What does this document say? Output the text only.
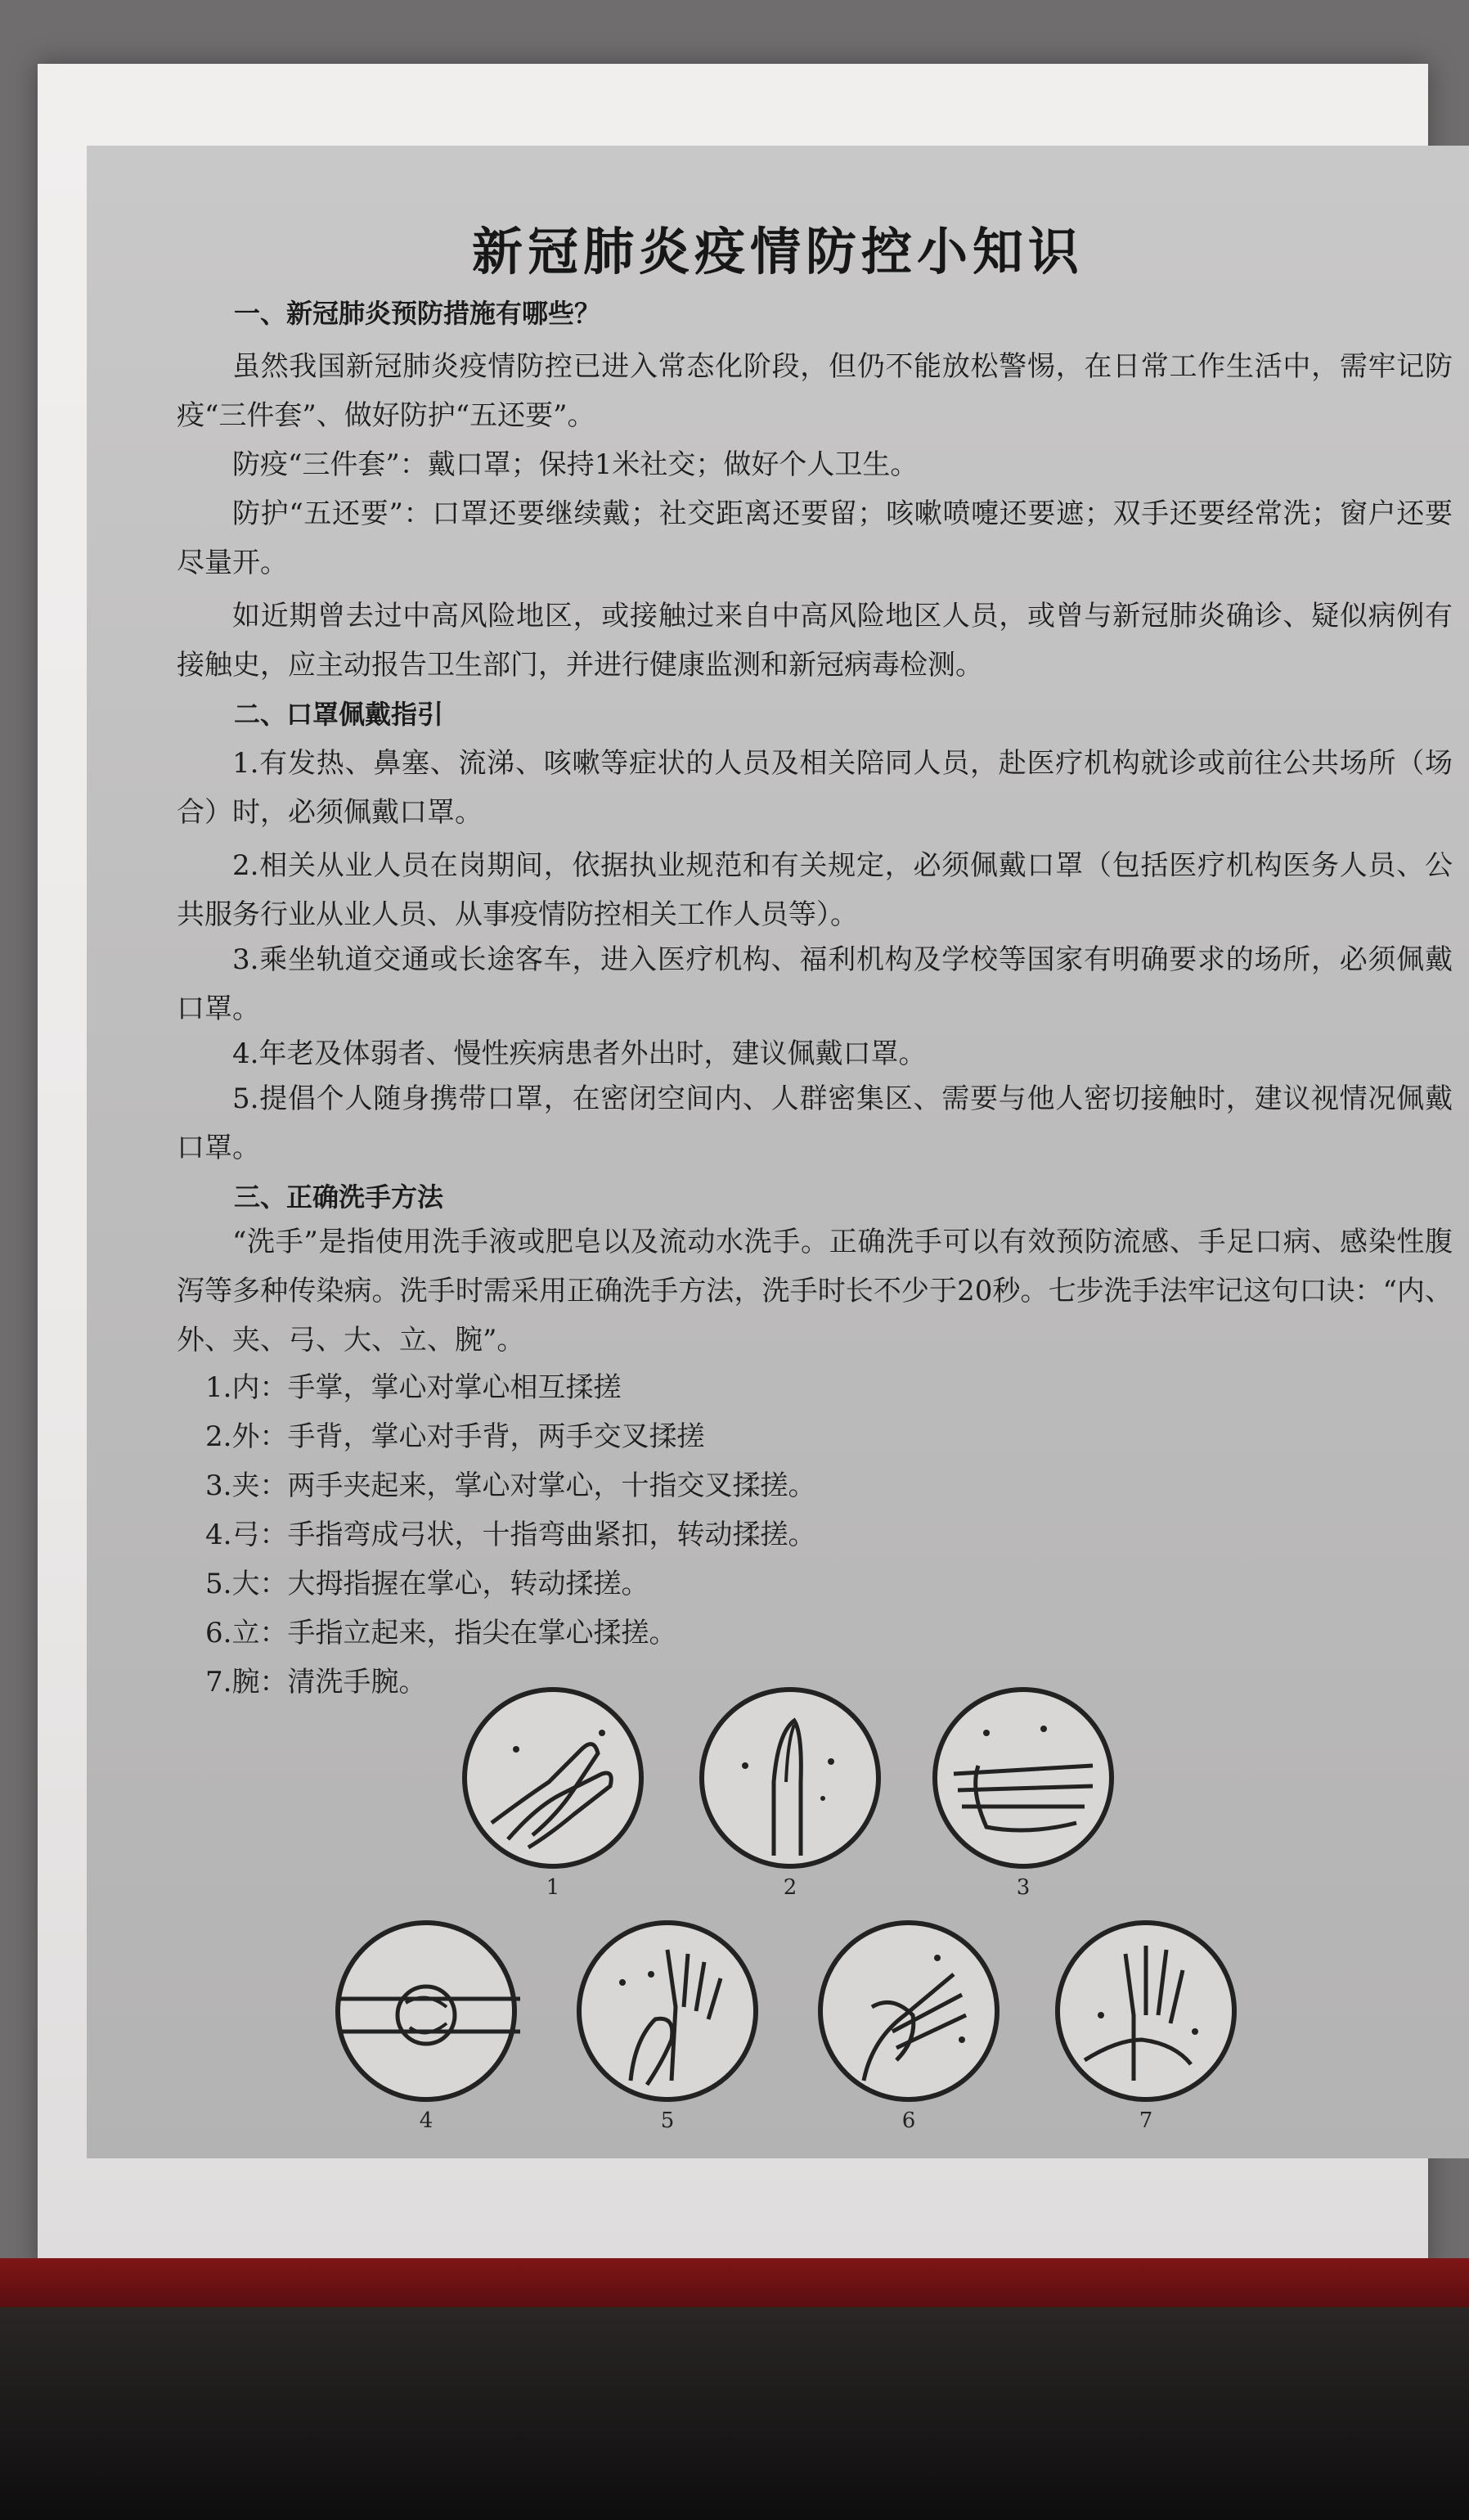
新冠肺炎疫情防控小知识
一、新冠肺炎预防措施有哪些？
虽然我国新冠肺炎疫情防控已进入常态化阶段，但仍不能放松警惕，在日常工作生活中，需牢记防疫“三件套”、做好防护“五还要”。
防疫“三件套”：戴口罩；保持1米社交；做好个人卫生。
防护“五还要”：口罩还要继续戴；社交距离还要留；咳嗽喷嚏还要遮；双手还要经常洗；窗户还要尽量开。
如近期曾去过中高风险地区，或接触过来自中高风险地区人员，或曾与新冠肺炎确诊、疑似病例有接触史，应主动报告卫生部门，并进行健康监测和新冠病毒检测。
二、口罩佩戴指引
1.有发热、鼻塞、流涕、咳嗽等症状的人员及相关陪同人员，赴医疗机构就诊或前往公共场所（场合）时，必须佩戴口罩。
2.相关从业人员在岗期间，依据执业规范和有关规定，必须佩戴口罩（包括医疗机构医务人员、公共服务行业从业人员、从事疫情防控相关工作人员等）。
3.乘坐轨道交通或长途客车，进入医疗机构、福利机构及学校等国家有明确要求的场所，必须佩戴口罩。
4.年老及体弱者、慢性疾病患者外出时，建议佩戴口罩。
5.提倡个人随身携带口罩，在密闭空间内、人群密集区、需要与他人密切接触时，建议视情况佩戴口罩。
三、正确洗手方法
“洗手”是指使用洗手液或肥皂以及流动水洗手。正确洗手可以有效预防流感、手足口病、感染性腹泻等多种传染病。洗手时需采用正确洗手方法，洗手时长不少于20秒。七步洗手法牢记这句口诀：“内、外、夹、弓、大、立、腕”。
1.内：手掌，掌心对掌心相互揉搓
2.外：手背，掌心对手背，两手交叉揉搓
3.夹：两手夹起来，掌心对掌心，十指交叉揉搓。
4.弓：手指弯成弓状，十指弯曲紧扣，转动揉搓。
5.大：大拇指握在掌心，转动揉搓。
6.立：手指立起来，指尖在掌心揉搓。
7.腕：清洗手腕。
1	2	3
4	5	6	7
